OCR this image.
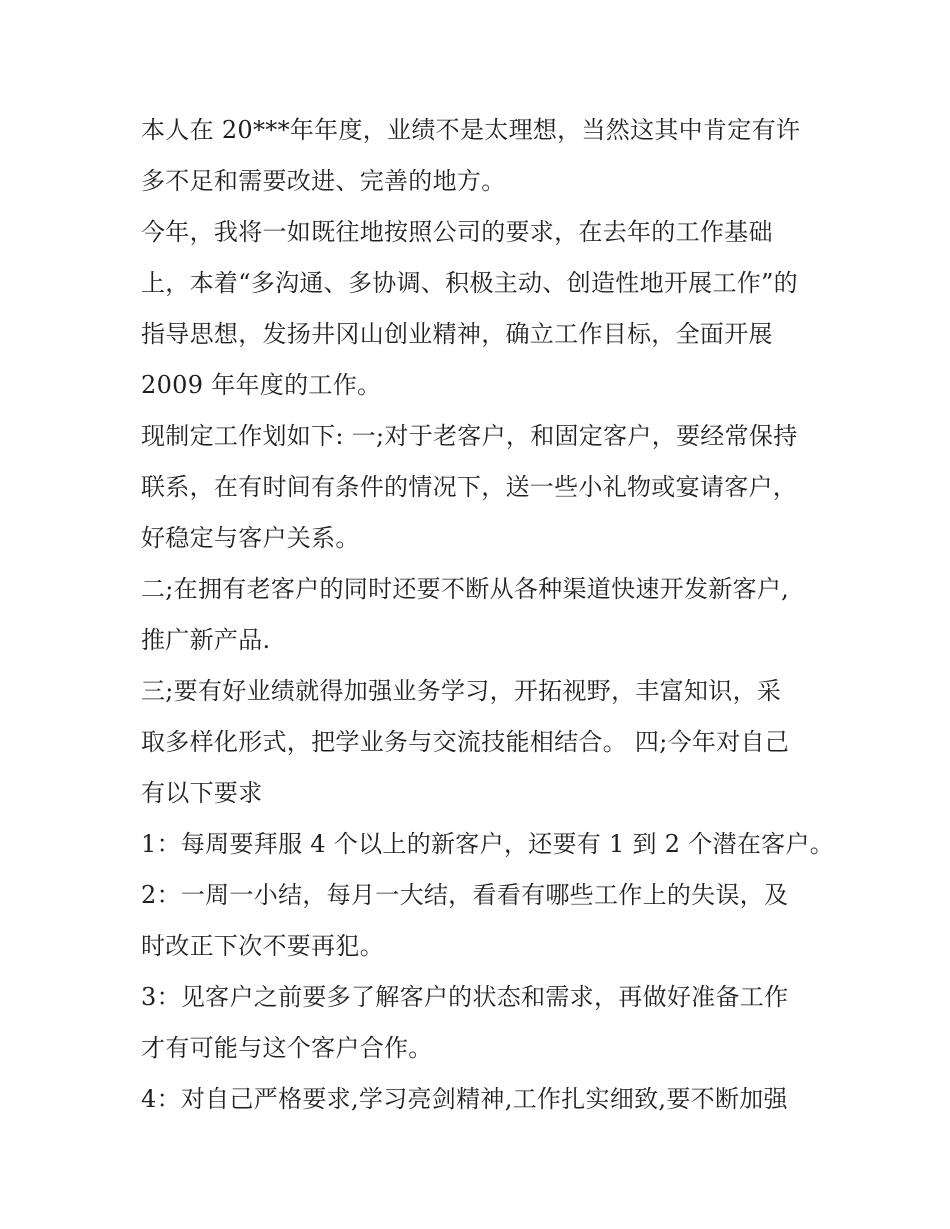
本人在 20***年年度，业绩不是太理想，当然这其中肯定有许
多不足和需要改进、完善的地方。
今年，我将一如既往地按照公司的要求，在去年的工作基础
上，本着“多沟通、多协调、积极主动、创造性地开展工作”的
指导思想，发扬井冈山创业精神，确立工作目标，全面开展
2009 年年度的工作。
现制定工作划如下: 一;对于老客户，和固定客户，要经常保持
联系，在有时间有条件的情况下，送一些小礼物或宴请客户，
好稳定与客户关系。
二;在拥有老客户的同时还要不断从各种渠道快速开发新客户,
推广新产品.
三;要有好业绩就得加强业务学习，开拓视野，丰富知识，采
取多样化形式，把学业务与交流技能相结合。 四;今年对自己
有以下要求
1：每周要拜服 4 个以上的新客户，还要有 1 到 2 个潜在客户。
2：一周一小结，每月一大结，看看有哪些工作上的失误，及
时改正下次不要再犯。
3：见客户之前要多了解客户的状态和需求，再做好准备工作
才有可能与这个客户合作。
4：对自己严格要求,学习亮剑精神,工作扎实细致,要不断加强
